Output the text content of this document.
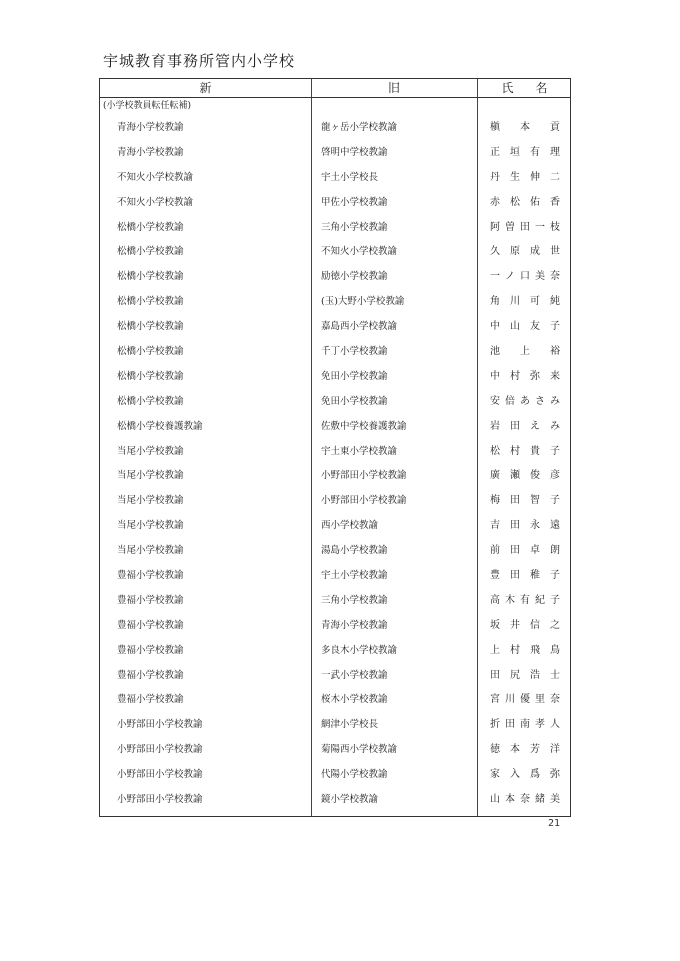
宇城教育事務所管内小学校
新	旧	氏名
(小学校教員転任転補)
青海小学校教諭	龍ヶ岳小学校教諭	槇本貢
青海小学校教諭	啓明中学校教諭	正垣有理
不知火小学校教諭	宇土小学校長	丹生伸二
不知火小学校教諭	甲佐小学校教諭	赤松佑香
松橋小学校教諭	三角小学校教諭	阿曽田一枝
松橋小学校教諭	不知火小学校教諭	久原成世
松橋小学校教諭	励徳小学校教諭	一ノ口美奈
松橋小学校教諭	(玉)大野小学校教諭	角川可純
松橋小学校教諭	嘉島西小学校教諭	中山友子
松橋小学校教諭	千丁小学校教諭	池上裕
松橋小学校教諭	免田小学校教諭	中村弥来
松橋小学校教諭	免田小学校教諭	安倍あさみ
松橋小学校養護教諭	佐敷中学校養護教諭	岩田えみ
当尾小学校教諭	宇土東小学校教諭	松村貴子
当尾小学校教諭	小野部田小学校教諭	廣瀬俊彦
当尾小学校教諭	小野部田小学校教諭	梅田智子
当尾小学校教諭	西小学校教諭	吉田永遠
当尾小学校教諭	湯島小学校教諭	前田卓朗
豊福小学校教諭	宇土小学校教諭	豊田稚子
豊福小学校教諭	三角小学校教諭	高木有紀子
豊福小学校教諭	青海小学校教諭	坂井信之
豊福小学校教諭	多良木小学校教諭	上村飛鳥
豊福小学校教諭	一武小学校教諭	田尻浩士
豊福小学校教諭	桜木小学校教諭	宮川優里奈
小野部田小学校教諭	網津小学校長	折田南孝人
小野部田小学校教諭	菊陽西小学校教諭	徳本芳洋
小野部田小学校教諭	代陽小学校教諭	家入爲弥
小野部田小学校教諭	鏡小学校教諭	山本奈緒美
21
